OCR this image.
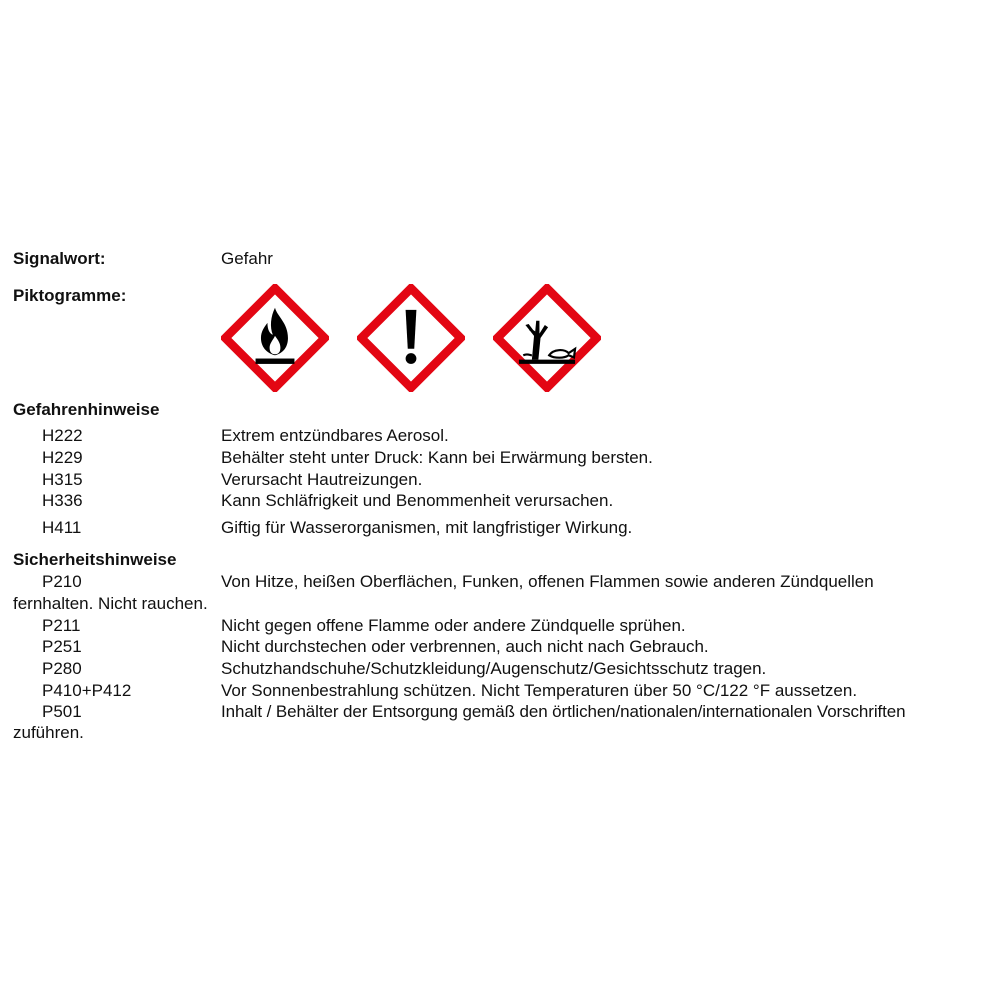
Signalwort:	Gefahr
Piktogramme:
Gefahrenhinweise
H222	Extrem entzündbares Aerosol.
H229	Behälter steht unter Druck: Kann bei Erwärmung bersten.
H315	Verursacht Hautreizungen.
H336	Kann Schläfrigkeit und Benommenheit verursachen.
H411	Giftig für Wasserorganismen, mit langfristiger Wirkung.
Sicherheitshinweise
P210	Von Hitze, heißen Oberflächen, Funken, offenen Flammen sowie anderen Zündquellen
fernhalten. Nicht rauchen.
P211	Nicht gegen offene Flamme oder andere Zündquelle sprühen.
P251	Nicht durchstechen oder verbrennen, auch nicht nach Gebrauch.
P280	Schutzhandschuhe/Schutzkleidung/Augenschutz/Gesichtsschutz tragen.
P410+P412	Vor Sonnenbestrahlung schützen. Nicht Temperaturen über 50 °C/122 °F aussetzen.
P501	Inhalt / Behälter der Entsorgung gemäß den örtlichen/nationalen/internationalen Vorschriften
zuführen.
